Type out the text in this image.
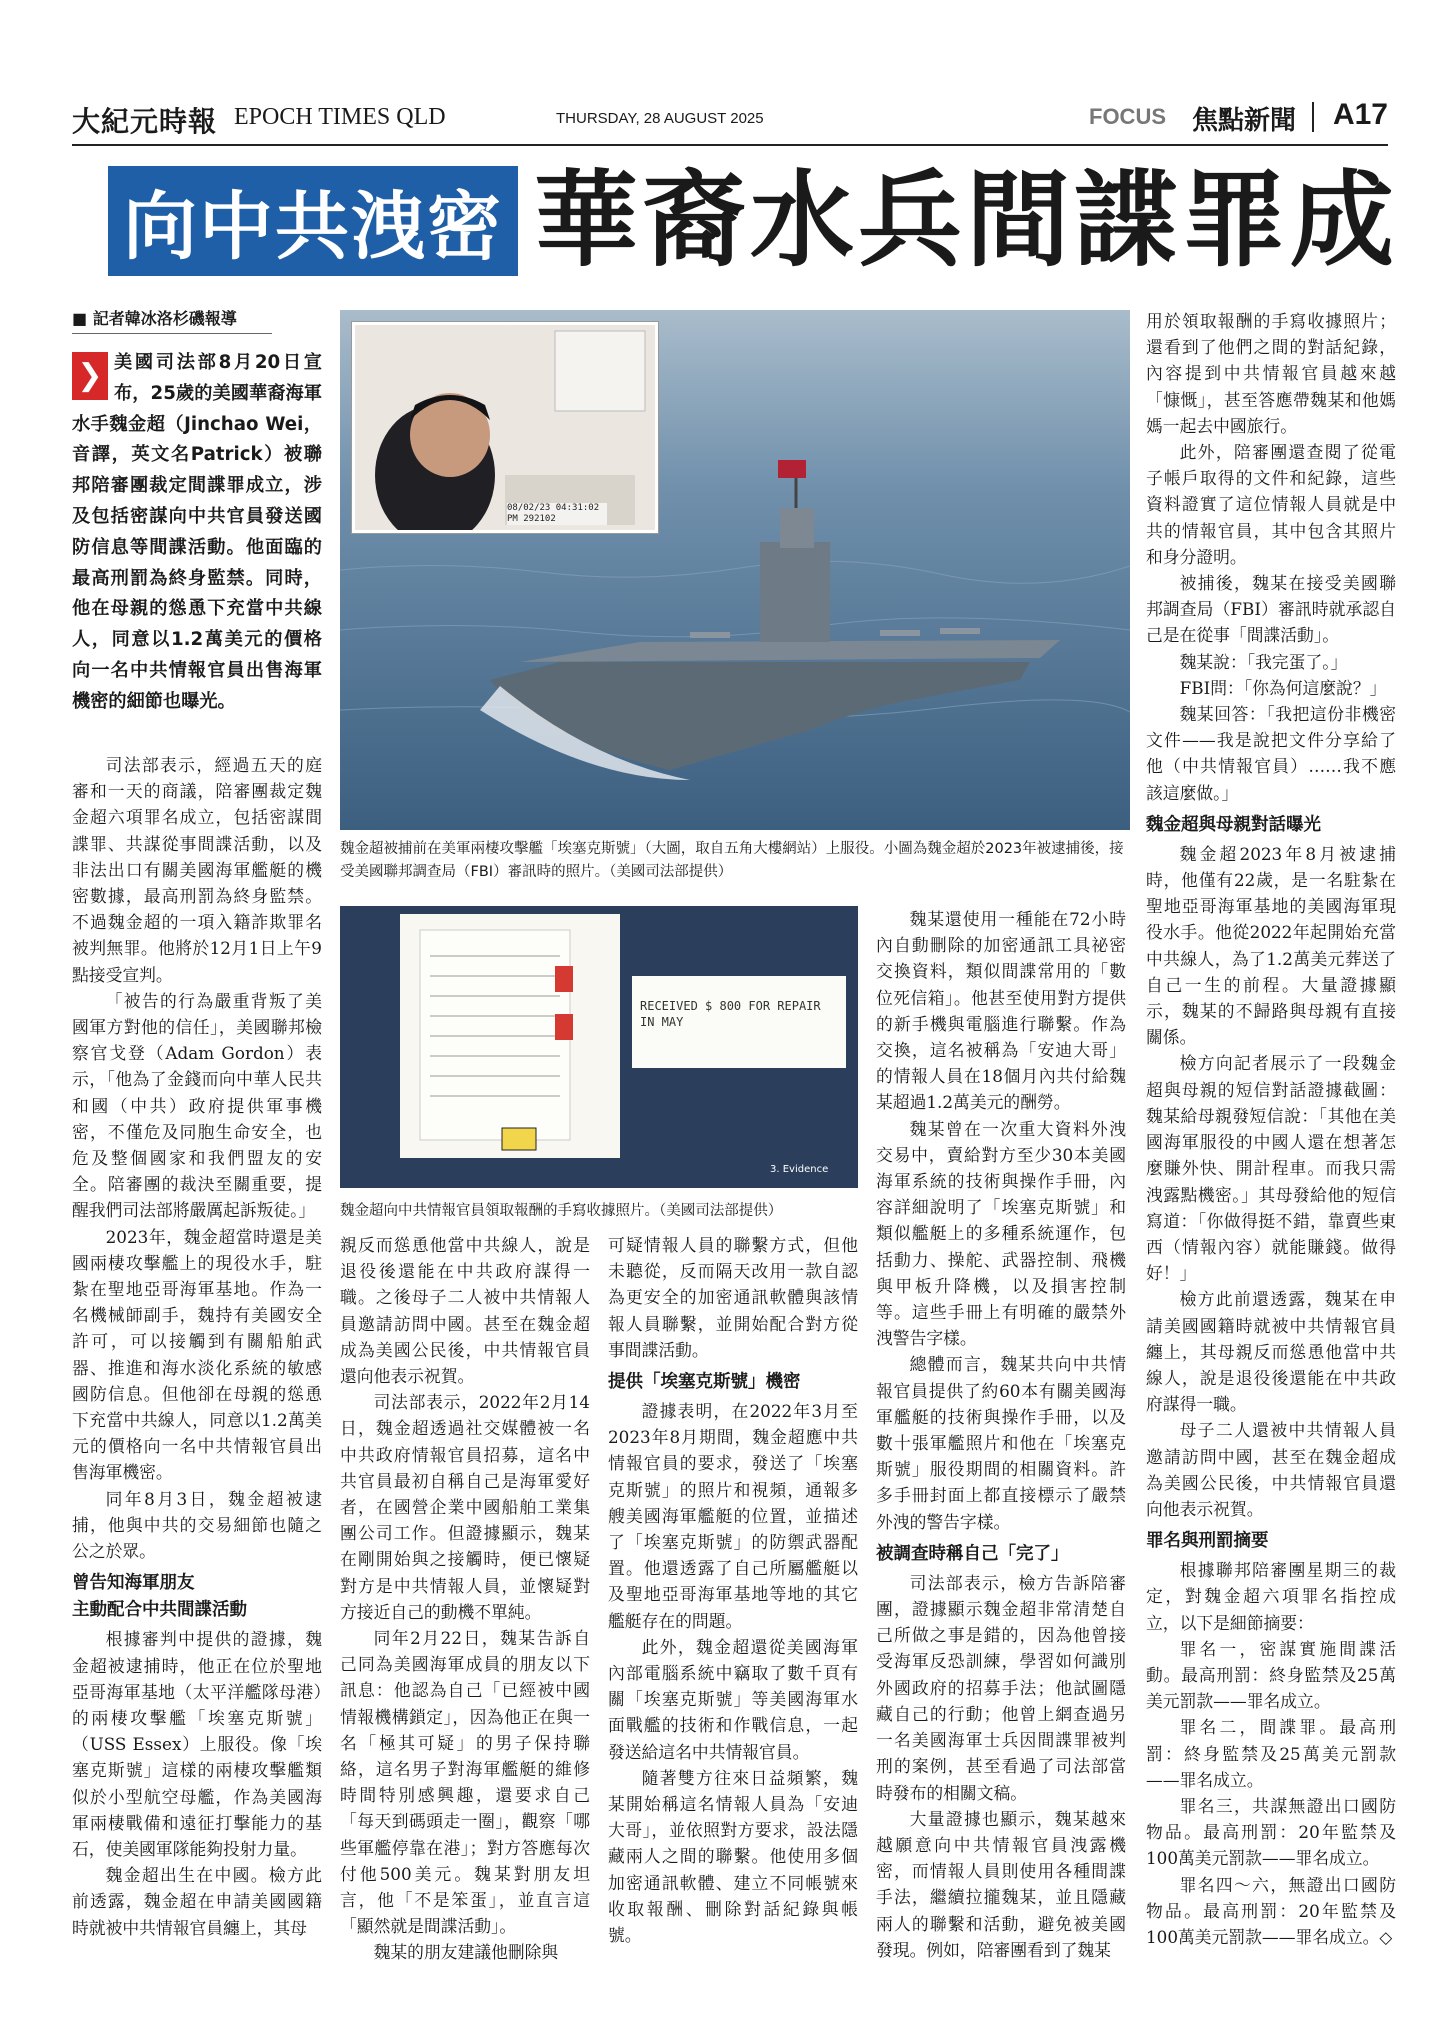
大紀元時報 EPOCH TIMES QLD	THURSDAY, 28 AUGUST 2025	FOCUS 焦點新聞 A17
向中共洩密 華裔水兵間諜罪成
■ 記者韓冰洛杉磯報導
❯ 美國司法部8月20日宣布，25歲的美國華裔海軍水手魏金超（Jinchao Wei，音譯，英文名Patrick）被聯邦陪審團裁定間諜罪成立，涉及包括密謀向中共官員發送國防信息等間諜活動。他面臨的最高刑罰為終身監禁。同時，他在母親的慫恿下充當中共線人，同意以1.2萬美元的價格向一名中共情報官員出售海軍機密的細節也曝光。

司法部表示，經過五天的庭審和一天的商議，陪審團裁定魏金超六項罪名成立，包括密謀間諜罪、共謀從事間諜活動，以及非法出口有關美國海軍艦艇的機密數據，最高刑罰為終身監禁。不過魏金超的一項入籍詐欺罪名被判無罪。他將於12月1日上午9點接受宣判。

「被告的行為嚴重背叛了美國軍方對他的信任」，美國聯邦檢察官戈登（Adam Gordon）表示，「他為了金錢而向中華人民共和國（中共）政府提供軍事機密，不僅危及同胞生命安全，也危及整個國家和我們盟友的安全。陪審團的裁決至關重要，提醒我們司法部將嚴厲起訴叛徒。」

2023年，魏金超當時還是美國兩棲攻擊艦上的現役水手，駐紮在聖地亞哥海軍基地。作為一名機械師副手，魏持有美國安全許可，可以接觸到有關船舶武器、推進和海水淡化系統的敏感國防信息。但他卻在母親的慫恿下充當中共線人，同意以1.2萬美元的價格向一名中共情報官員出售海軍機密。

同年8月3日，魏金超被逮捕，他與中共的交易細節也隨之公之於眾。

曾告知海軍朋友
主動配合中共間諜活動

根據審判中提供的證據，魏金超被逮捕時，他正在位於聖地亞哥海軍基地（太平洋艦隊母港）的兩棲攻擊艦「埃塞克斯號」（USS Essex）上服役。像「埃塞克斯號」這樣的兩棲攻擊艦類似於小型航空母艦，作為美國海軍兩棲戰備和遠征打擊能力的基石，使美國軍隊能夠投射力量。

魏金超出生在中國。檢方此前透露，魏金超在申請美國國籍時就被中共情報官員纏上，其母

08/02/23 04:31:02 PM 292102
魏金超被捕前在美軍兩棲攻擊艦「埃塞克斯號」（大圖，取自五角大樓網站）上服役。小圖為魏金超於2023年被逮捕後，接受美國聯邦調查局（FBI）審訊時的照片。（美國司法部提供）
RECEIVED $ 800 FOR REPAIR IN MAY
3. Evidence
魏金超向中共情報官員領取報酬的手寫收據照片。（美國司法部提供）

親反而慫恿他當中共線人，說是退役後還能在中共政府謀得一職。之後母子二人被中共情報人員邀請訪問中國。甚至在魏金超成為美國公民後，中共情報官員還向他表示祝賀。

司法部表示，2022年2月14日，魏金超透過社交媒體被一名中共政府情報官員招募，這名中共官員最初自稱自己是海軍愛好者，在國營企業中國船舶工業集團公司工作。但證據顯示，魏某在剛開始與之接觸時，便已懷疑對方是中共情報人員，並懷疑對方接近自己的動機不單純。

同年2月22日，魏某告訴自己同為美國海軍成員的朋友以下訊息：他認為自己「已經被中國情報機構鎖定」，因為他正在與一名「極其可疑」的男子保持聯絡，這名男子對海軍艦艇的維修時間特別感興趣，還要求自己「每天到碼頭走一圈」，觀察「哪些軍艦停靠在港」；對方答應每次付他500美元。魏某對朋友坦言，他「不是笨蛋」，並直言這「顯然就是間諜活動」。

魏某的朋友建議他刪除與

可疑情報人員的聯繫方式，但他未聽從，反而隔天改用一款自認為更安全的加密通訊軟體與該情報人員聯繫，並開始配合對方從事間諜活動。

提供「埃塞克斯號」機密

證據表明，在2022年3月至2023年8月期間，魏金超應中共情報官員的要求，發送了「埃塞克斯號」的照片和視頻，通報多艘美國海軍艦艇的位置，並描述了「埃塞克斯號」的防禦武器配置。他還透露了自己所屬艦艇以及聖地亞哥海軍基地等地的其它艦艇存在的問題。

此外，魏金超還從美國海軍內部電腦系統中竊取了數千頁有關「埃塞克斯號」等美國海軍水面戰艦的技術和作戰信息，一起發送給這名中共情報官員。

隨著雙方往來日益頻繁，魏某開始稱這名情報人員為「安迪大哥」，並依照對方要求，設法隱藏兩人之間的聯繫。他使用多個加密通訊軟體、建立不同帳號來收取報酬、刪除對話紀錄與帳號。

魏某還使用一種能在72小時內自動刪除的加密通訊工具祕密交換資料，類似間諜常用的「數位死信箱」。他甚至使用對方提供的新手機與電腦進行聯繫。作為交換，這名被稱為「安迪大哥」的情報人員在18個月內共付給魏某超過1.2萬美元的酬勞。

魏某曾在一次重大資料外洩交易中，賣給對方至少30本美國海軍系統的技術與操作手冊，內容詳細說明了「埃塞克斯號」和類似艦艇上的多種系統運作，包括動力、操舵、武器控制、飛機與甲板升降機，以及損害控制等。這些手冊上有明確的嚴禁外洩警告字樣。

總體而言，魏某共向中共情報官員提供了約60本有關美國海軍艦艇的技術與操作手冊，以及數十張軍艦照片和他在「埃塞克斯號」服役期間的相關資料。許多手冊封面上都直接標示了嚴禁外洩的警告字樣。

被調查時稱自己「完了」

司法部表示，檢方告訴陪審團，證據顯示魏金超非常清楚自己所做之事是錯的，因為他曾接受海軍反恐訓練，學習如何識別外國政府的招募手法；他試圖隱藏自己的行動；他曾上網查過另一名美國海軍士兵因間諜罪被判刑的案例，甚至看過了司法部當時發布的相關文稿。

大量證據也顯示，魏某越來越願意向中共情報官員洩露機密，而情報人員則使用各種間諜手法，繼續拉攏魏某，並且隱藏兩人的聯繫和活動，避免被美國發現。例如，陪審團看到了魏某

用於領取報酬的手寫收據照片；還看到了他們之間的對話紀錄，內容提到中共情報官員越來越「慷慨」，甚至答應帶魏某和他媽媽一起去中國旅行。

此外，陪審團還查閱了從電子帳戶取得的文件和紀錄，這些資料證實了這位情報人員就是中共的情報官員，其中包含其照片和身分證明。

被捕後，魏某在接受美國聯邦調查局（FBI）審訊時就承認自己是在從事「間諜活動」。

魏某說：「我完蛋了。」

FBI問：「你為何這麼說？」

魏某回答：「我把這份非機密文件——我是說把文件分享給了他（中共情報官員）……我不應該這麼做。」

魏金超與母親對話曝光

魏金超2023年8月被逮捕時，他僅有22歲，是一名駐紮在聖地亞哥海軍基地的美國海軍現役水手。他從2022年起開始充當中共線人，為了1.2萬美元葬送了自己一生的前程。大量證據顯示，魏某的不歸路與母親有直接關係。

檢方向記者展示了一段魏金超與母親的短信對話證據截圖：魏某給母親發短信說：「其他在美國海軍服役的中國人還在想著怎麼賺外快、開計程車。而我只需洩露點機密。」其母發給他的短信寫道：「你做得挺不錯，靠賣些東西（情報內容）就能賺錢。做得好！」

檢方此前還透露，魏某在申請美國國籍時就被中共情報官員纏上，其母親反而慫恿他當中共線人，說是退役後還能在中共政府謀得一職。

母子二人還被中共情報人員邀請訪問中國，甚至在魏金超成為美國公民後，中共情報官員還向他表示祝賀。

罪名與刑罰摘要

根據聯邦陪審團星期三的裁定，對魏金超六項罪名指控成立，以下是細節摘要：

罪名一，密謀實施間諜活動。最高刑罰：終身監禁及25萬美元罰款——罪名成立。

罪名二，間諜罪。最高刑罰：終身監禁及25萬美元罰款——罪名成立。

罪名三，共謀無證出口國防物品。最高刑罰：20年監禁及100萬美元罰款——罪名成立。

罪名四～六，無證出口國防物品。最高刑罰：20年監禁及100萬美元罰款——罪名成立。◇
